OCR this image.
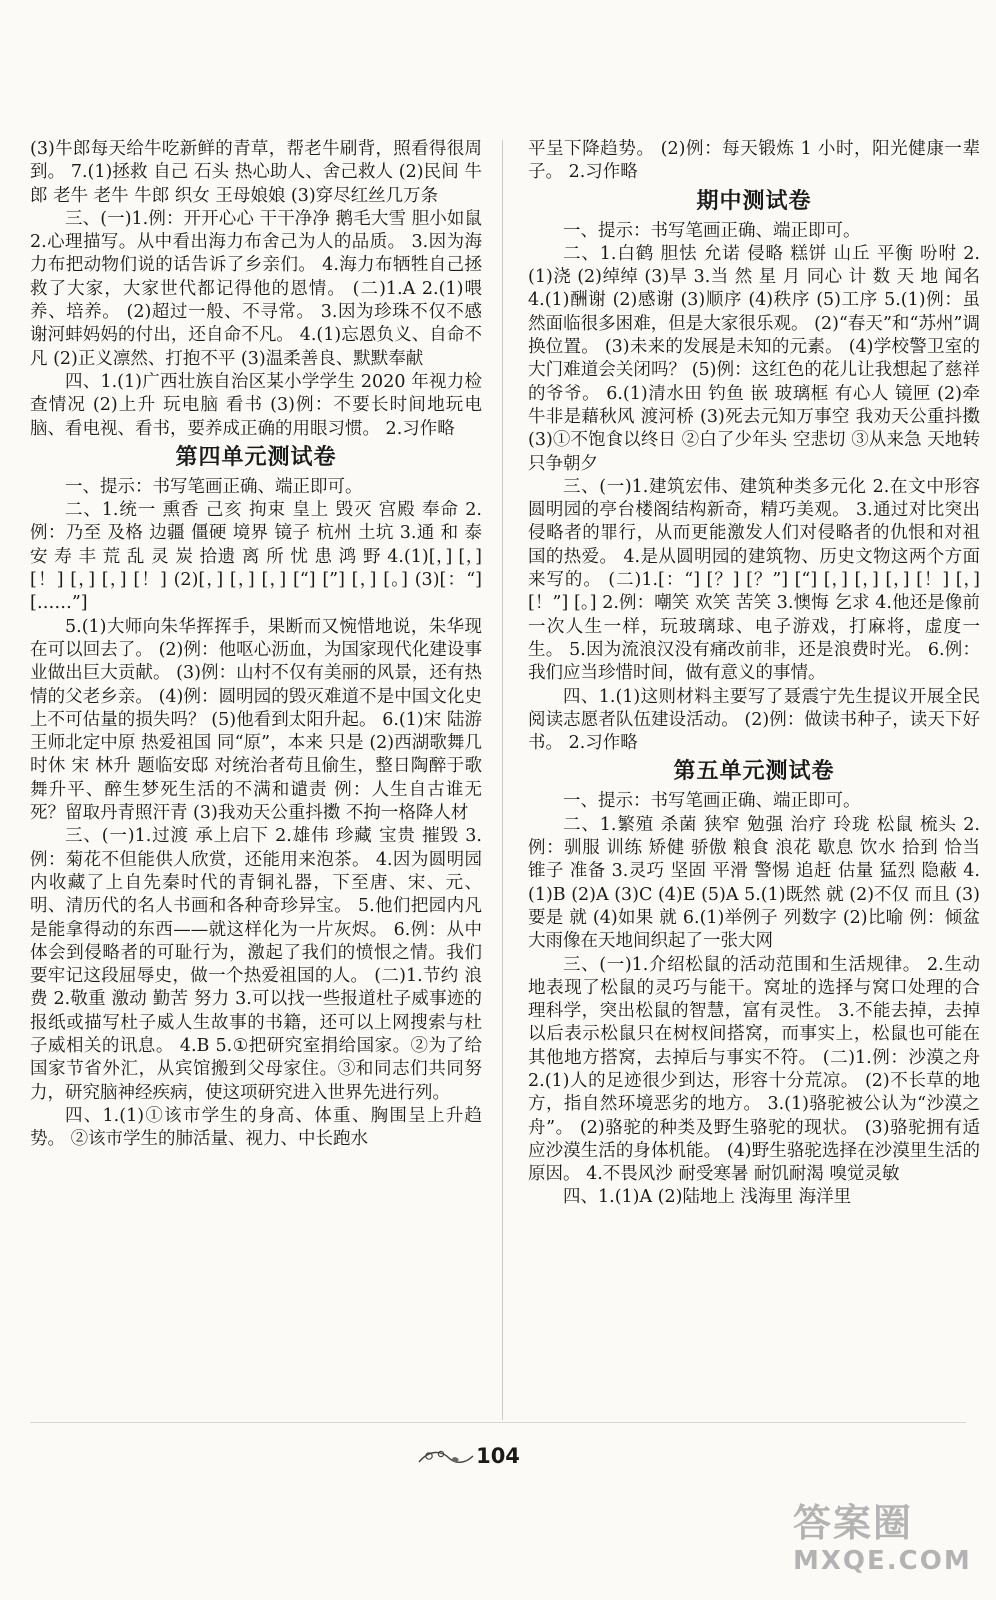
(3)牛郎每天给牛吃新鲜的青草，帮老牛刷背，照看得很周到。 7.(1)拯救 自己 石头 热心助人、舍己救人 (2)民间 牛郎 老牛 老牛 牛郎 织女 王母娘娘 (3)穿尽红丝几万条

三、(一)1.例：开开心心 干干净净 鹅毛大雪 胆小如鼠 2.心理描写。从中看出海力布舍己为人的品质。 3.因为海力布把动物们说的话告诉了乡亲们。 4.海力布牺牲自己拯救了大家，大家世代都记得他的恩情。 (二)1.A 2.(1)喂养、培养。 (2)超过一般、不寻常。 3.因为珍珠不仅不感谢河蚌妈妈的付出，还自命不凡。 4.(1)忘恩负义、自命不凡 (2)正义凛然、打抱不平 (3)温柔善良、默默奉献

四、1.(1)广西壮族自治区某小学学生 2020 年视力检查情况 (2)上升 玩电脑 看书 (3)例：不要长时间地玩电脑、看电视、看书，要养成正确的用眼习惯。 2.习作略

第四单元测试卷

一、提示：书写笔画正确、端正即可。

二、1.统一 熏香 己亥 拘束 皇上 毁灭 宫殿 奉命 2.例：乃至 及格 边疆 僵硬 境界 镜子 杭州 土坑 3.通 和 泰 安 寿 丰 荒 乱 灵 炭 拾遗 离 所 忧 患 鸿 野 4.(1)[，] [，] [！] [，] [，] [！] (2)[，] [，] [，] [“] [”] [，] [。] (3)[：“] [……”]

5.(1)大师向朱华挥挥手，果断而又惋惜地说，朱华现在可以回去了。 (2)例：他呕心沥血，为国家现代化建设事业做出巨大贡献。 (3)例：山村不仅有美丽的风景，还有热情的父老乡亲。 (4)例：圆明园的毁灭难道不是中国文化史上不可估量的损失吗？ (5)他看到太阳升起。 6.(1)宋 陆游 王师北定中原 热爱祖国 同“原”，本来 只是 (2)西湖歌舞几时休 宋 林升 题临安邸 对统治者苟且偷生，整日陶醉于歌舞升平、醉生梦死生活的不满和谴责 例：人生自古谁无死？留取丹青照汗青 (3)我劝天公重抖擞 不拘一格降人材

三、(一)1.过渡 承上启下 2.雄伟 珍藏 宝贵 摧毁 3.例：菊花不但能供人欣赏，还能用来泡茶。 4.因为圆明园内收藏了上自先秦时代的青铜礼器，下至唐、宋、元、明、清历代的名人书画和各种奇珍异宝。 5.他们把园内凡是能拿得动的东西——就这样化为一片灰烬。 6.例：从中体会到侵略者的可耻行为，激起了我们的愤恨之情。我们要牢记这段屈辱史，做一个热爱祖国的人。 (二)1.节约 浪费 2.敬重 激动 勤苦 努力 3.可以找一些报道杜子威事迹的报纸或描写杜子威人生故事的书籍，还可以上网搜索与杜子威相关的讯息。 4.B 5.①把研究室捐给国家。②为了给国家节省外汇，从宾馆搬到父母家住。③和同志们共同努力，研究脑神经疾病，使这项研究进入世界先进行列。

四、1.(1)①该市学生的身高、体重、胸围呈上升趋势。 ②该市学生的肺活量、视力、中长跑水

平呈下降趋势。 (2)例：每天锻炼 1 小时，阳光健康一辈子。 2.习作略

期中测试卷

一、提示：书写笔画正确、端正即可。

二、1.白鹤 胆怯 允诺 侵略 糕饼 山丘 平衡 吩咐 2.(1)浇 (2)绰绰 (3)旱 3.当 然 星 月 同心 计 数 天 地 闻名 4.(1)酬谢 (2)感谢 (3)顺序 (4)秩序 (5)工序 5.(1)例：虽然面临很多困难，但是大家很乐观。 (2)“春天”和“苏州”调换位置。 (3)未来的发展是未知的元素。 (4)学校警卫室的大门难道会关闭吗？ (5)例：这红色的花儿让我想起了慈祥的爷爷。 6.(1)清水田 钓鱼 嵌 玻璃框 有心人 镜匣 (2)牵牛非是藉秋风 渡河桥 (3)死去元知万事空 我劝天公重抖擞 (3)①不饱食以终日 ②白了少年头 空悲切 ③从来急 天地转 只争朝夕

三、(一)1.建筑宏伟、建筑种类多元化 2.在文中形容圆明园的亭台楼阁结构新奇，精巧美观。 3.通过对比突出侵略者的罪行，从而更能激发人们对侵略者的仇恨和对祖国的热爱。 4.是从圆明园的建筑物、历史文物这两个方面来写的。 (二)1.[：“] [？] [？”] [“] [，] [，] [，] [！] [，] [！”] [。] 2.例：嘲笑 欢笑 苦笑 3.懊悔 乞求 4.他还是像前一次人生一样，玩玻璃球、电子游戏，打麻将，虚度一生。 5.因为流浪汉没有痛改前非，还是浪费时光。 6.例：我们应当珍惜时间，做有意义的事情。

四、1.(1)这则材料主要写了聂震宁先生提议开展全民阅读志愿者队伍建设活动。 (2)例：做读书种子，读天下好书。 2.习作略

第五单元测试卷

一、提示：书写笔画正确、端正即可。

二、1.繁殖 杀菌 狭窄 勉强 治疗 玲珑 松鼠 梳头 2.例：驯服 训练 矫健 骄傲 粮食 浪花 歇息 饮水 拾到 恰当 锥子 准备 3.灵巧 坚固 平滑 警惕 追赶 估量 猛烈 隐蔽 4.(1)B (2)A (3)C (4)E (5)A 5.(1)既然 就 (2)不仅 而且 (3)要是 就 (4)如果 就 6.(1)举例子 列数字 (2)比喻 例：倾盆大雨像在天地间织起了一张大网

三、(一)1.介绍松鼠的活动范围和生活规律。 2.生动地表现了松鼠的灵巧与能干。窝址的选择与窝口处理的合理科学，突出松鼠的智慧，富有灵性。 3.不能去掉，去掉以后表示松鼠只在树杈间搭窝，而事实上，松鼠也可能在其他地方搭窝，去掉后与事实不符。 (二)1.例：沙漠之舟 2.(1)人的足迹很少到达，形容十分荒凉。 (2)不长草的地方，指自然环境恶劣的地方。 3.(1)骆驼被公认为“沙漠之舟”。 (2)骆驼的种类及野生骆驼的现状。 (3)骆驼拥有适应沙漠生活的身体机能。 (4)野生骆驼选择在沙漠里生活的原因。 4.不畏风沙 耐受寒暑 耐饥耐渴 嗅觉灵敏

四、1.(1)A (2)陆地上 浅海里 海洋里

104
答案圈
MXQE.COM
